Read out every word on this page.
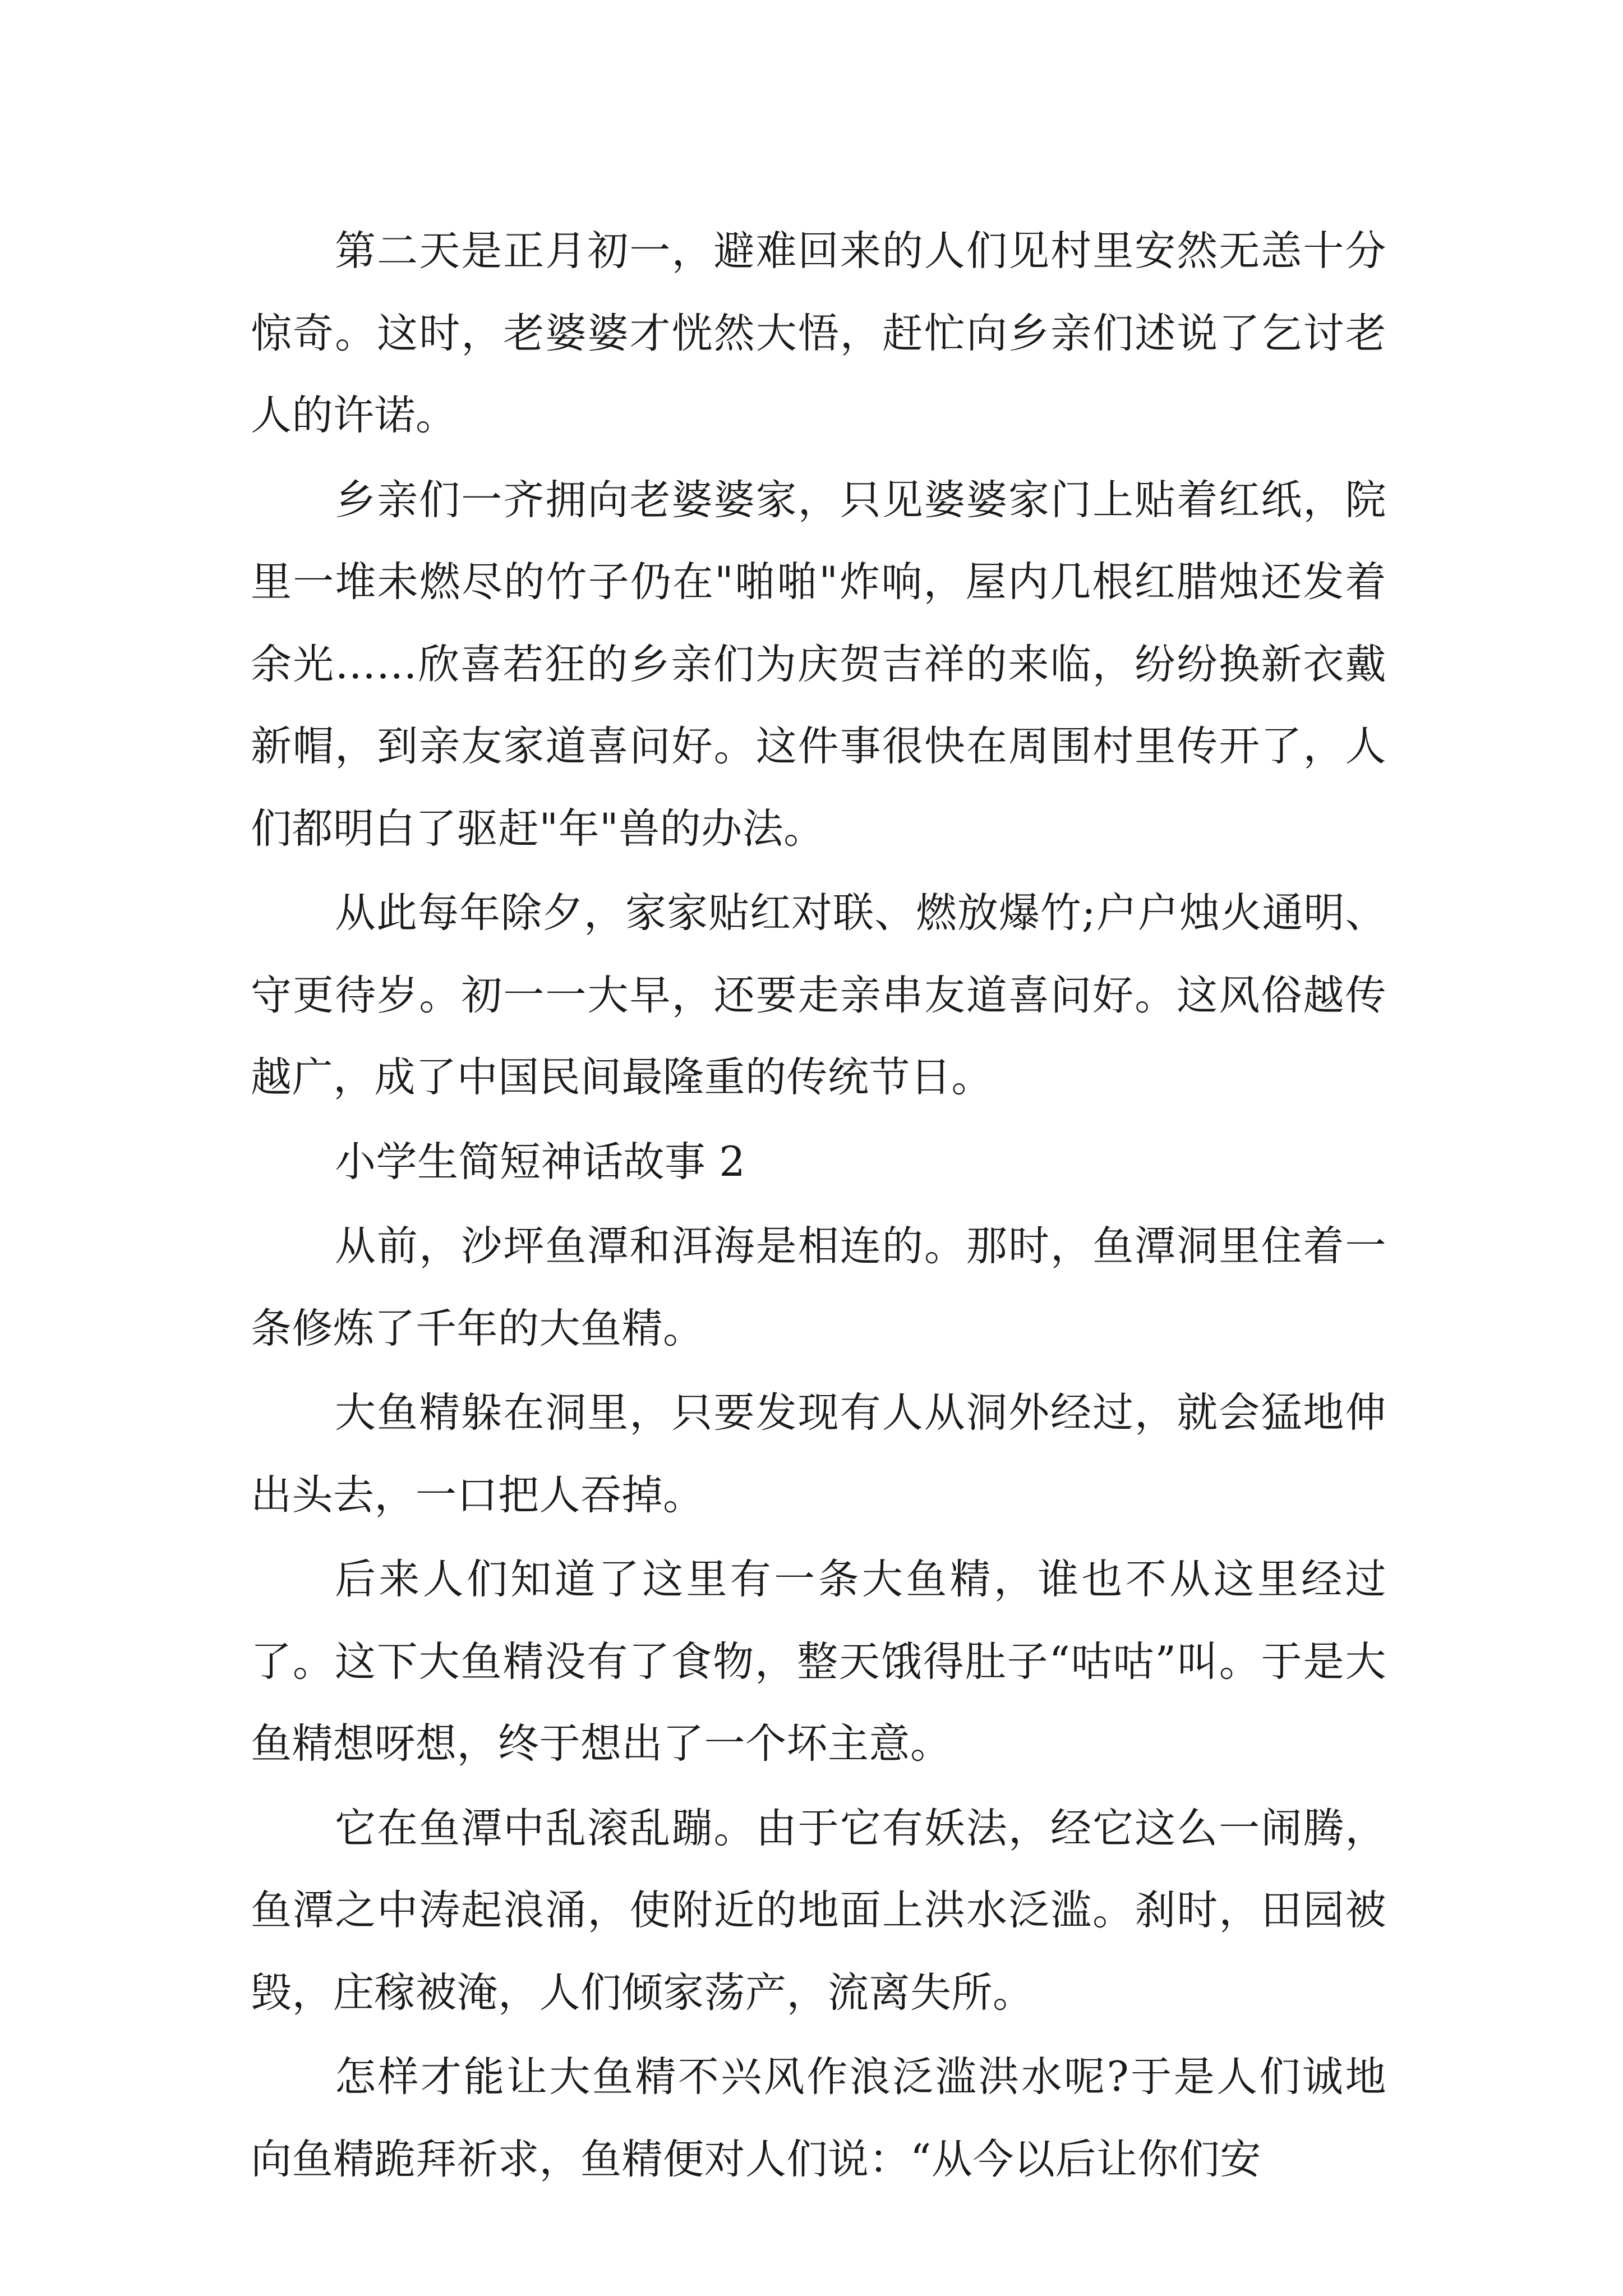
第二天是正月初一，避难回来的人们见村里安然无恙十分惊奇。这时，老婆婆才恍然大悟，赶忙向乡亲们述说了乞讨老人的许诺。

乡亲们一齐拥向老婆婆家，只见婆婆家门上贴着红纸，院里一堆未燃尽的竹子仍在"啪啪"炸响，屋内几根红腊烛还发着余光……欣喜若狂的乡亲们为庆贺吉祥的来临，纷纷换新衣戴新帽，到亲友家道喜问好。这件事很快在周围村里传开了，人们都明白了驱赶"年"兽的办法。

从此每年除夕，家家贴红对联、燃放爆竹;户户烛火通明、守更待岁。初一一大早，还要走亲串友道喜问好。这风俗越传越广，成了中国民间最隆重的传统节日。

小学生简短神话故事 2

从前，沙坪鱼潭和洱海是相连的。那时，鱼潭洞里住着一条修炼了千年的大鱼精。

大鱼精躲在洞里，只要发现有人从洞外经过，就会猛地伸出头去，一口把人吞掉。

后来人们知道了这里有一条大鱼精，谁也不从这里经过了。这下大鱼精没有了食物，整天饿得肚子“咕咕”叫。于是大鱼精想呀想，终于想出了一个坏主意。

它在鱼潭中乱滚乱蹦。由于它有妖法，经它这么一闹腾，鱼潭之中涛起浪涌，使附近的地面上洪水泛滥。刹时，田园被毁，庄稼被淹，人们倾家荡产，流离失所。

怎样才能让大鱼精不兴风作浪泛滥洪水呢?于是人们诚地向鱼精跪拜祈求，鱼精便对人们说：“从今以后让你们安
